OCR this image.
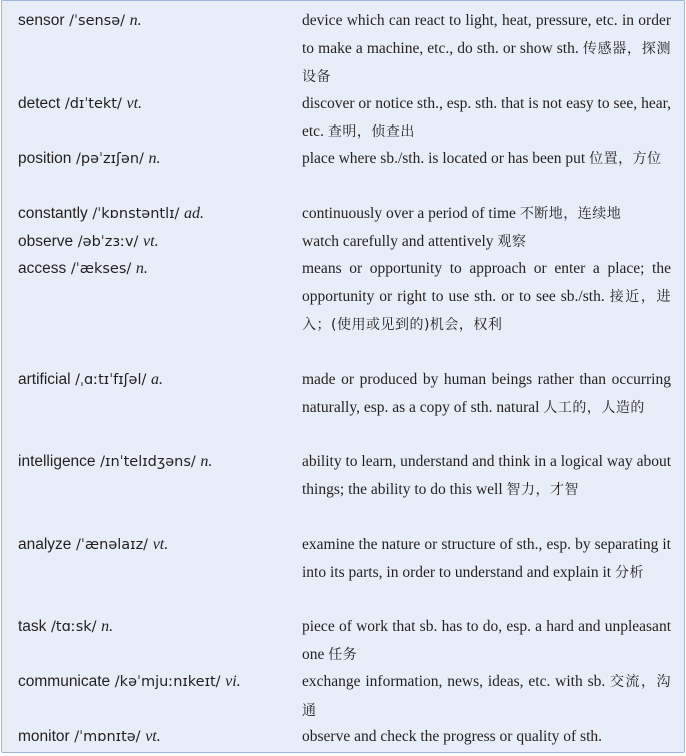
sensor /ˈsensə/ n.	device which can react to light, heat, pressure, etc. in order to make a machine, etc., do sth. or show sth. 传感器，探测设备
detect /dɪˈtekt/ vt.	discover or notice sth., esp. sth. that is not easy to see, hear, etc. 查明，侦查出
position /pəˈzɪʃən/ n.	place where sb./sth. is located or has been put 位置，方位
constantly /ˈkɒnstəntlɪ/ ad.	continuously over a period of time 不断地，连续地
observe /əbˈzɜːv/ vt.	watch carefully and attentively 观察
access /ˈækses/ n.	means or opportunity to approach or enter a place; the opportunity or right to use sth. or to see sb./sth. 接近，进入；(使用或见到的)机会，权利
artificial /ˌɑːtɪˈfɪʃəl/ a.	made or produced by human beings rather than occurring naturally, esp. as a copy of sth. natural 人工的，人造的
intelligence /ɪnˈtelɪdʒəns/ n.	ability to learn, understand and think in a logical way about things; the ability to do this well 智力，才智
analyze /ˈænəlaɪz/ vt.	examine the nature or structure of sth., esp. by separating it into its parts, in order to understand and explain it 分析
task /tɑːsk/ n.	piece of work that sb. has to do, esp. a hard and unpleasant one 任务
communicate /kəˈmjuːnɪkeɪt/ vi.	exchange information, news, ideas, etc. with sb. 交流，沟通
monitor /ˈmɒnɪtə/ vt.	observe and check the progress or quality of sth.
